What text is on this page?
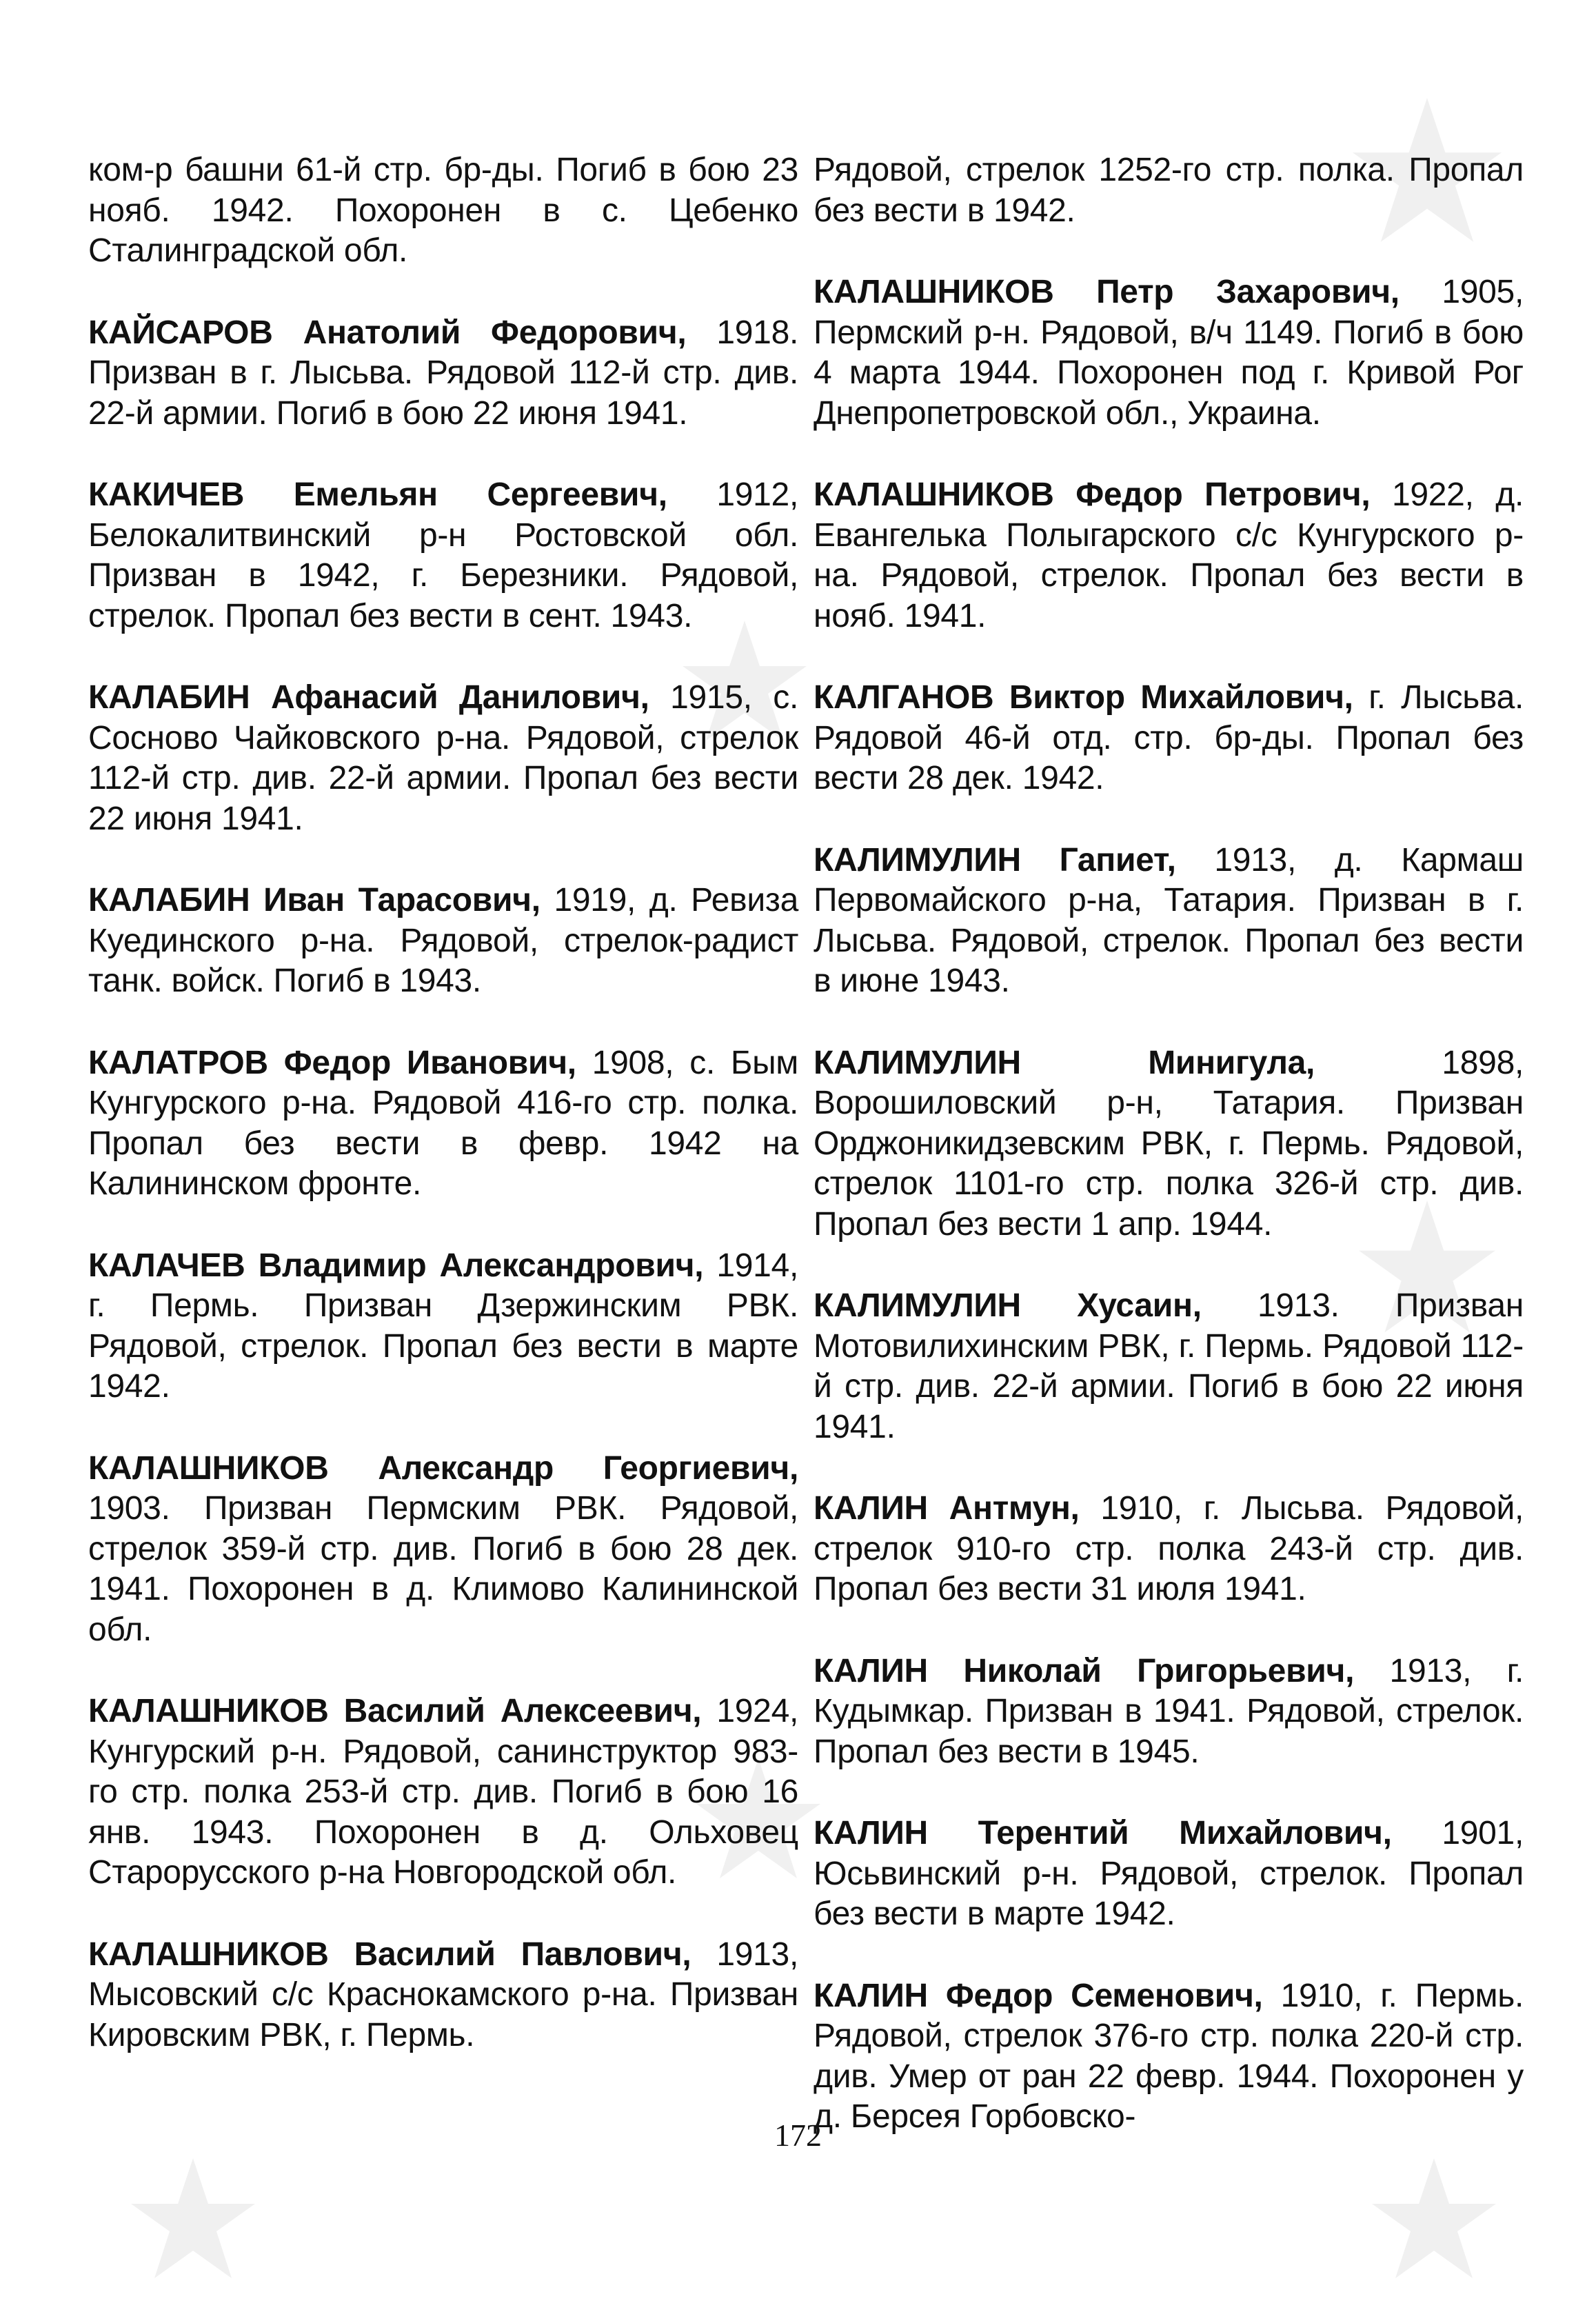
ком-р башни 61-й стр. бр-ды. Погиб в бою 23 нояб. 1942. Похоронен в с. Цебенко Сталинградской обл.

КАЙСАРОВ Анатолий Федорович, 1918. Призван в г. Лысьва. Рядовой 112-й стр. див. 22-й армии. Погиб в бою 22 июня 1941.

КАКИЧЕВ Емельян Сергеевич, 1912, Белокалитвинский р-н Ростовской обл. Призван в 1942, г. Березники. Рядовой, стрелок. Пропал без вести в сент. 1943.

КАЛАБИН Афанасий Данилович, 1915, с. Сосново Чайковского р-на. Рядовой, стрелок 112-й стр. див. 22-й армии. Пропал без вести 22 июня 1941.

КАЛАБИН Иван Тарасович, 1919, д. Ревиза Куединского р-на. Рядовой, стрелок-радист танк. войск. Погиб в 1943.

КАЛАТРОВ Федор Иванович, 1908, с. Бым Кунгурского р-на. Рядовой 416-го стр. полка. Пропал без вести в февр. 1942 на Калининском фронте.

КАЛАЧЕВ Владимир Александрович, 1914, г. Пермь. Призван Дзержинским РВК. Рядовой, стрелок. Пропал без вести в марте 1942.

КАЛАШНИКОВ Александр Георгиевич, 1903. Призван Пермским РВК. Рядовой, стрелок 359-й стр. див. Погиб в бою 28 дек. 1941. Похоронен в д. Климово Калининской обл.

КАЛАШНИКОВ Василий Алексеевич, 1924, Кунгурский р-н. Рядовой, санинструктор 983-го стр. полка 253-й стр. див. Погиб в бою 16 янв. 1943. Похоронен в д. Ольховец Старорусского р-на Новгородской обл.

КАЛАШНИКОВ Василий Павлович, 1913, Мысовский с/с Краснокамского р-на. Призван Кировским РВК, г. Пермь.

Рядовой, стрелок 1252-го стр. полка. Пропал без вести в 1942.

КАЛАШНИКОВ Петр Захарович, 1905, Пермский р-н. Рядовой, в/ч 1149. Погиб в бою 4 марта 1944. Похоронен под г. Кривой Рог Днепропетровской обл., Украина.

КАЛАШНИКОВ Федор Петрович, 1922, д. Евангелька Полыгарского с/с Кунгурского р-на. Рядовой, стрелок. Пропал без вести в нояб. 1941.

КАЛГАНОВ Виктор Михайлович, г. Лысьва. Рядовой 46-й отд. стр. бр-ды. Пропал без вести 28 дек. 1942.

КАЛИМУЛИН Гапиет, 1913, д. Кармаш Первомайского р-на, Татария. Призван в г. Лысьва. Рядовой, стрелок. Пропал без вести в июне 1943.

КАЛИМУЛИН Минигула, 1898, Ворошиловский р-н, Татария. Призван Орджоникидзевским РВК, г. Пермь. Рядовой, стрелок 1101-го стр. полка 326-й стр. див. Пропал без вести 1 апр. 1944.

КАЛИМУЛИН Хусаин, 1913. Призван Мотовилихинским РВК, г. Пермь. Рядовой 112-й стр. див. 22-й армии. Погиб в бою 22 июня 1941.

КАЛИН Антмун, 1910, г. Лысьва. Рядовой, стрелок 910-го стр. полка 243-й стр. див. Пропал без вести 31 июля 1941.

КАЛИН Николай Григорьевич, 1913, г. Кудымкар. Призван в 1941. Рядовой, стрелок. Пропал без вести в 1945.

КАЛИН Терентий Михайлович, 1901, Юсьвинский р-н. Рядовой, стрелок. Пропал без вести в марте 1942.

КАЛИН Федор Семенович, 1910, г. Пермь. Рядовой, стрелок 376-го стр. полка 220-й стр. див. Умер от ран 22 февр. 1944. Похоронен у д. Берсея Горбовско-

172
